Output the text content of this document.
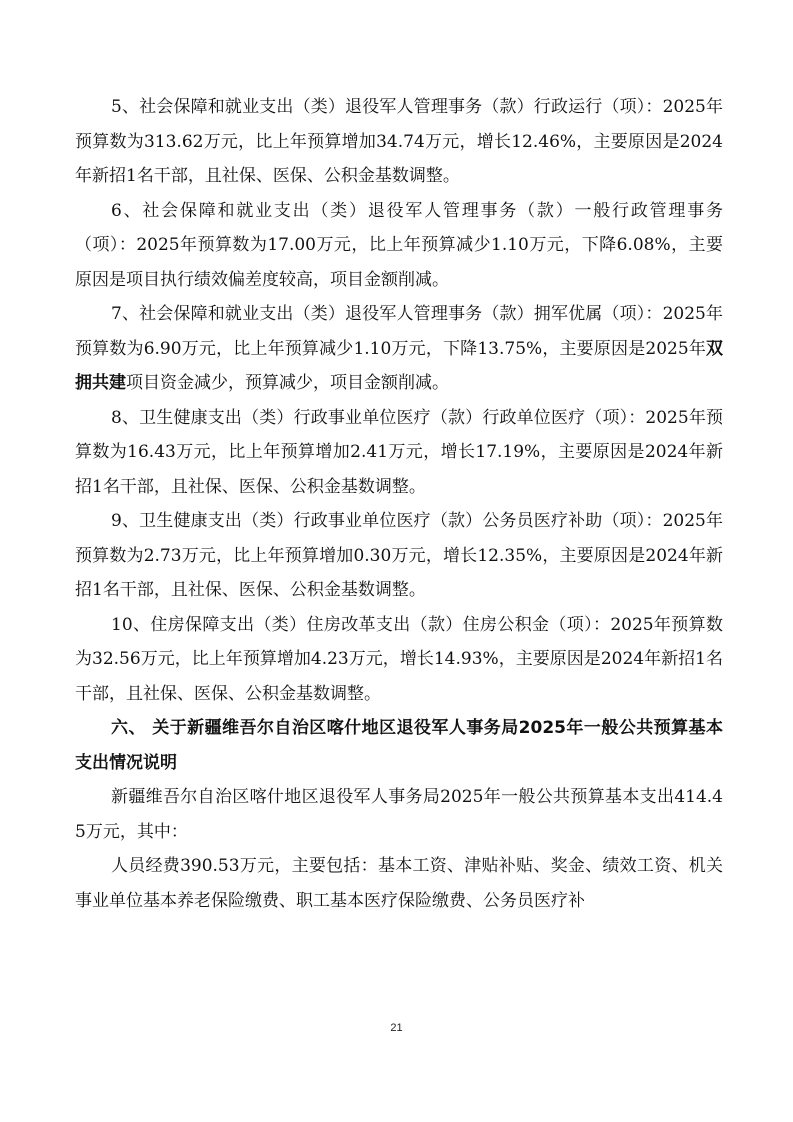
5、社会保障和就业支出（类）退役军人管理事务（款）行政运行（项）：2025年预算数为313.62万元，比上年预算增加34.74万元，增长12.46%，主要原因是2024年新招1名干部，且社保、医保、公积金基数调整。

6、社会保障和就业支出（类）退役军人管理事务（款）一般行政管理事务（项）：2025年预算数为17.00万元，比上年预算减少1.10万元，下降6.08%，主要原因是项目执行绩效偏差度较高，项目金额削减。

7、社会保障和就业支出（类）退役军人管理事务（款）拥军优属（项）：2025年预算数为6.90万元，比上年预算减少1.10万元，下降13.75%，主要原因是2025年双拥共建项目资金减少，预算减少，项目金额削减。

8、卫生健康支出（类）行政事业单位医疗（款）行政单位医疗（项）：2025年预算数为16.43万元，比上年预算增加2.41万元，增长17.19%，主要原因是2024年新招1名干部，且社保、医保、公积金基数调整。

9、卫生健康支出（类）行政事业单位医疗（款）公务员医疗补助（项）：2025年预算数为2.73万元，比上年预算增加0.30万元，增长12.35%，主要原因是2024年新招1名干部，且社保、医保、公积金基数调整。

10、住房保障支出（类）住房改革支出（款）住房公积金（项）：2025年预算数为32.56万元，比上年预算增加4.23万元，增长14.93%，主要原因是2024年新招1名干部，且社保、医保、公积金基数调整。

六、 关于新疆维吾尔自治区喀什地区退役军人事务局2025年一般公共预算基本支出情况说明

新疆维吾尔自治区喀什地区退役军人事务局2025年一般公共预算基本支出414.45万元，其中：

人员经费390.53万元，主要包括：基本工资、津贴补贴、奖金、绩效工资、机关事业单位基本养老保险缴费、职工基本医疗保险缴费、公务员医疗补

21
